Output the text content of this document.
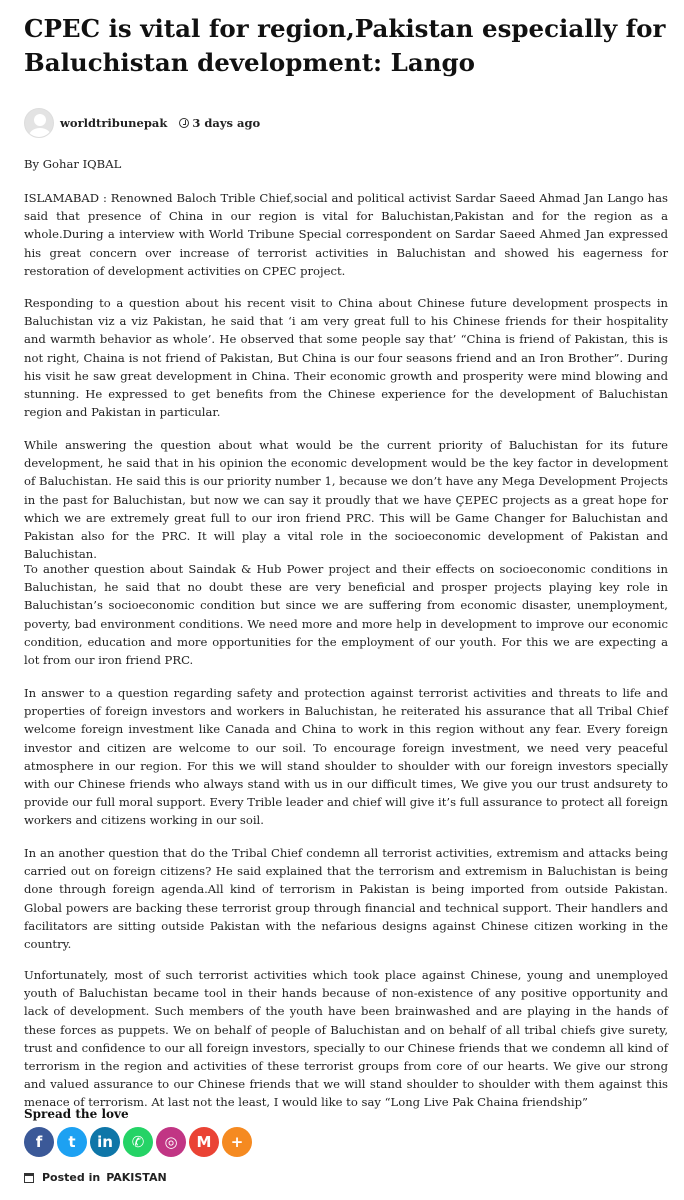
CPEC is vital for region,Pakistan especially for Baluchistan development: Lango
worldtribunepak 3 days ago
By Gohar IQBAL

ISLAMABAD : Renowned Baloch Trible Chief,social and political activist Sardar Saeed Ahmad Jan Lango has said that presence of China in our region is vital for Baluchistan,Pakistan and for the region as a whole.During a interview with World Tribune Special correspondent on Sardar Saeed Ahmed Jan expressed his great concern over increase of terrorist activities in Baluchistan and showed his eagerness for restoration of development activities on CPEC project.

Responding to a question about his recent visit to China about Chinese future development prospects in Baluchistan viz a viz Pakistan, he said that ‘i am very great full to his Chinese friends for their hospitality and warmth behavior as whole’. He observed that some people say that’ “China is friend of Pakistan, this is not right, Chaina is not friend of Pakistan, But China is our four seasons friend and an Iron Brother”. During his visit he saw great development in China. Their economic growth and prosperity were mind blowing and stunning. He expressed to get benefits from the Chinese experience for the development of Baluchistan region and Pakistan in particular.

While answering the question about what would be the current priority of Baluchistan for its future development, he said that in his opinion the economic development would be the key factor in development of Baluchistan. He said this is our priority number 1, because we don’t have any Mega Development Projects in the past for Baluchistan, but now we can say it proudly that we have ÇEPEC projects as a great hope for which we are extremely great full to our iron friend PRC. This will be Game Changer for Baluchistan and Pakistan also for the PRC. It will play a vital role in the socioeconomic development of Pakistan and Baluchistan.

To another question about Saindak & Hub Power project and their effects on socioeconomic conditions in Baluchistan, he said that no doubt these are very beneficial and prosper projects playing key role in Baluchistan’s socioeconomic condition but since we are suffering from economic disaster, unemployment, poverty, bad environment conditions. We need more and more help in development to improve our economic condition, education and more opportunities for the employment of our youth. For this we are expecting a lot from our iron friend PRC.

In answer to a question regarding safety and protection against terrorist activities and threats to life and properties of foreign investors and workers in Baluchistan, he reiterated his assurance that all Tribal Chief welcome foreign investment like Canada and China to work in this region without any fear. Every foreign investor and citizen are welcome to our soil. To encourage foreign investment, we need very peaceful atmosphere in our region. For this we will stand shoulder to shoulder with our foreign investors specially with our Chinese friends who always stand with us in our difficult times, We give you our trust andsurety to provide our full moral support. Every Trible leader and chief will give it’s full assurance to protect all foreign workers and citizens working in our soil.

In an another question that do the Tribal Chief condemn all terrorist activities, extremism and attacks being carried out on foreign citizens? He said explained that the terrorism and extremism in Baluchistan is being done through foreign agenda.All kind of terrorism in Pakistan is being imported from outside Pakistan. Global powers are backing these terrorist group through financial and technical support. Their handlers and facilitators are sitting outside Pakistan with the nefarious designs against Chinese citizen working in the country.

Unfortunately, most of such terrorist activities which took place against Chinese, young and unemployed youth of Baluchistan became tool in their hands because of non-existence of any positive opportunity and lack of development. Such members of the youth have been brainwashed and are playing in the hands of these forces as puppets. We on behalf of people of Baluchistan and on behalf of all tribal chiefs give surety, trust and confidence to our all foreign investors, specially to our Chinese friends that we condemn all kind of terrorism in the region and activities of these terrorist groups from core of our hearts. We give our strong and valued assurance to our Chinese friends that we will stand shoulder to shoulder with them against this menace of terrorism. At last not the least, I would like to say “Long Live Pak Chaina friendship”

Spread the love
f t in ✆ ◎ M +
Posted in PAKISTAN
